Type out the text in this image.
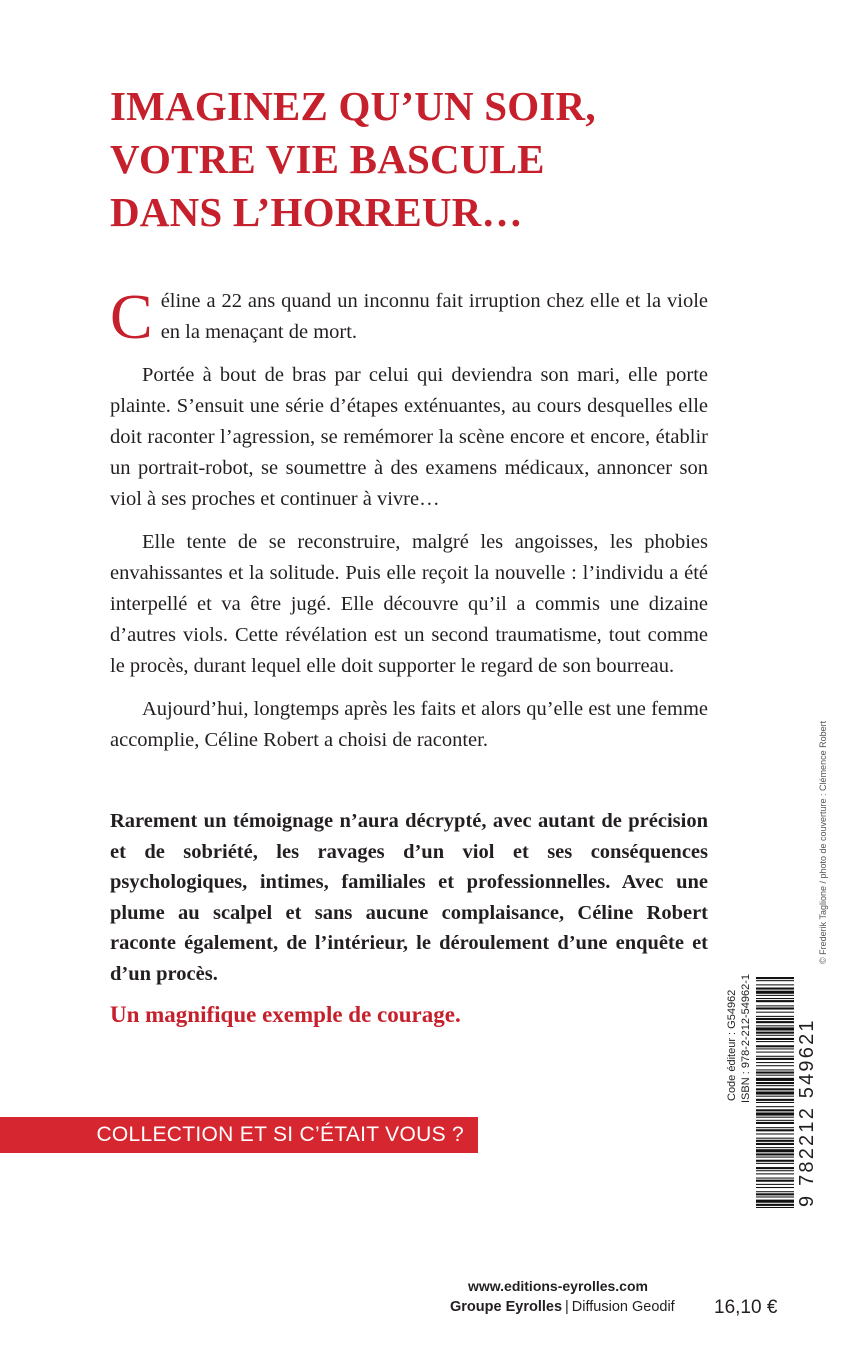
IMAGINEZ QU’UN SOIR,
VOTRE VIE BASCULE
DANS L’HORREUR…

Céline a 22 ans quand un inconnu fait irruption chez elle et la viole en la menaçant de mort.

Portée à bout de bras par celui qui deviendra son mari, elle porte plainte. S’ensuit une série d’étapes exténuantes, au cours desquelles elle doit raconter l’agression, se remémorer la scène encore et encore, établir un portrait-robot, se soumettre à des examens médicaux, annoncer son viol à ses proches et continuer à vivre…

Elle tente de se reconstruire, malgré les angoisses, les phobies envahissantes et la solitude. Puis elle reçoit la nouvelle : l’individu a été interpellé et va être jugé. Elle découvre qu’il a commis une dizaine d’autres viols. Cette révélation est un second traumatisme, tout comme le procès, durant lequel elle doit supporter le regard de son bourreau.

Aujourd’hui, longtemps après les faits et alors qu’elle est une femme accomplie, Céline Robert a choisi de raconter.

Rarement un témoignage n’aura décrypté, avec autant de précision et de sobriété, les ravages d’un viol et ses conséquences psychologiques, intimes, familiales et professionnelles. Avec une plume au scalpel et sans aucune complaisance, Céline Robert raconte également, de l’intérieur, le déroulement d’une enquête et d’un procès.

Un magnifique exemple de courage.

COLLECTION ET SI C’ÉTAIT VOUS ?
© Frederik Taglione / photo de couverture : Clémence Robert
Code éditeur : G54962 ISBN : 978-2-212-54962-1 9 782212 549621
www.editions-eyrolles.com
Groupe Eyrolles | Diffusion Geodif 16,10 €
